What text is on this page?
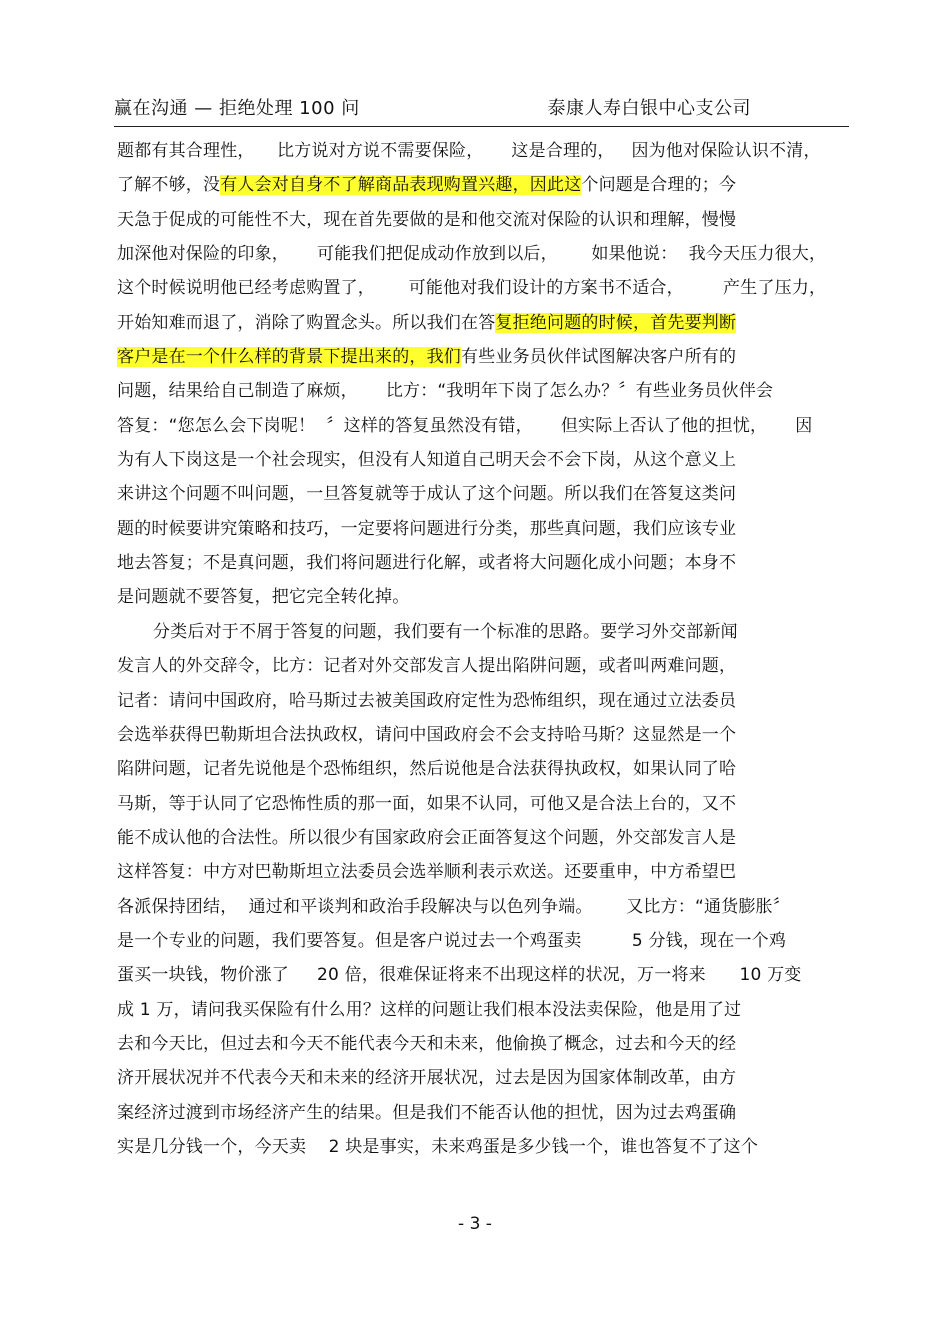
赢在沟通 — 拒绝处理 100 问	泰康人寿白银中心支公司
题都有其合理性，    比方说对方说不需要保险，     这是合理的，   因为他对保险认识不清，
了解不够，没有人会对自身不了解商品表现购置兴趣，因此这个问题是合理的；今
天急于促成的可能性不大，现在首先要做的是和他交流对保险的认识和理解，慢慢
加深他对保险的印象，     可能我们把促成动作放到以后，      如果他说：  我今天压力很大，
这个时候说明他已经考虑购置了，      可能他对我们设计的方案书不适合，       产生了压力，
开始知难而退了，消除了购置念头。所以我们在答复拒绝问题的时候，首先要判断
客户是在一个什么样的背景下提出来的，我们有些业务员伙伴试图解决客户所有的
问题，结果给自己制造了麻烦，     比方：“我明年下岗了怎么办？〞有些业务员伙伴会
答复：“您怎么会下岗呢！  〞这样的答复虽然没有错，     但实际上否认了他的担忧，     因
为有人下岗这是一个社会现实，但没有人知道自己明天会不会下岗，从这个意义上
来讲这个问题不叫问题，一旦答复就等于成认了这个问题。所以我们在答复这类问
题的时候要讲究策略和技巧，一定要将问题进行分类，那些真问题，我们应该专业
地去答复；不是真问题，我们将问题进行化解，或者将大问题化成小问题；本身不
是问题就不要答复，把它完全转化掉。
分类后对于不屑于答复的问题，我们要有一个标准的思路。要学习外交部新闻
发言人的外交辞令，比方：记者对外交部发言人提出陷阱问题，或者叫两难问题，
记者：请问中国政府，哈马斯过去被美国政府定性为恐怖组织，现在通过立法委员
会选举获得巴勒斯坦合法执政权，请问中国政府会不会支持哈马斯？这显然是一个
陷阱问题，记者先说他是个恐怖组织，然后说他是合法获得执政权，如果认同了哈
马斯，等于认同了它恐怖性质的那一面，如果不认同，可他又是合法上台的，又不
能不成认他的合法性。所以很少有国家政府会正面答复这个问题，外交部发言人是
这样答复：中方对巴勒斯坦立法委员会选举顺利表示欢送。还要重申，中方希望巴
各派保持团结，  通过和平谈判和政治手段解决与以色列争端。      又比方：“通货膨胀〞
是一个专业的问题，我们要答复。但是客户说过去一个鸡蛋卖         5 分钱，现在一个鸡
蛋买一块钱，物价涨了     20 倍，很难保证将来不出现这样的状况，万一将来      10 万变
成 1 万，请问我买保险有什么用？这样的问题让我们根本没法卖保险，他是用了过
去和今天比，但过去和今天不能代表今天和未来，他偷换了概念，过去和今天的经
济开展状况并不代表今天和未来的经济开展状况，过去是因为国家体制改革，由方
案经济过渡到市场经济产生的结果。但是我们不能否认他的担忧，因为过去鸡蛋确
实是几分钱一个，今天卖    2 块是事实，未来鸡蛋是多少钱一个，谁也答复不了这个
- 3 -
